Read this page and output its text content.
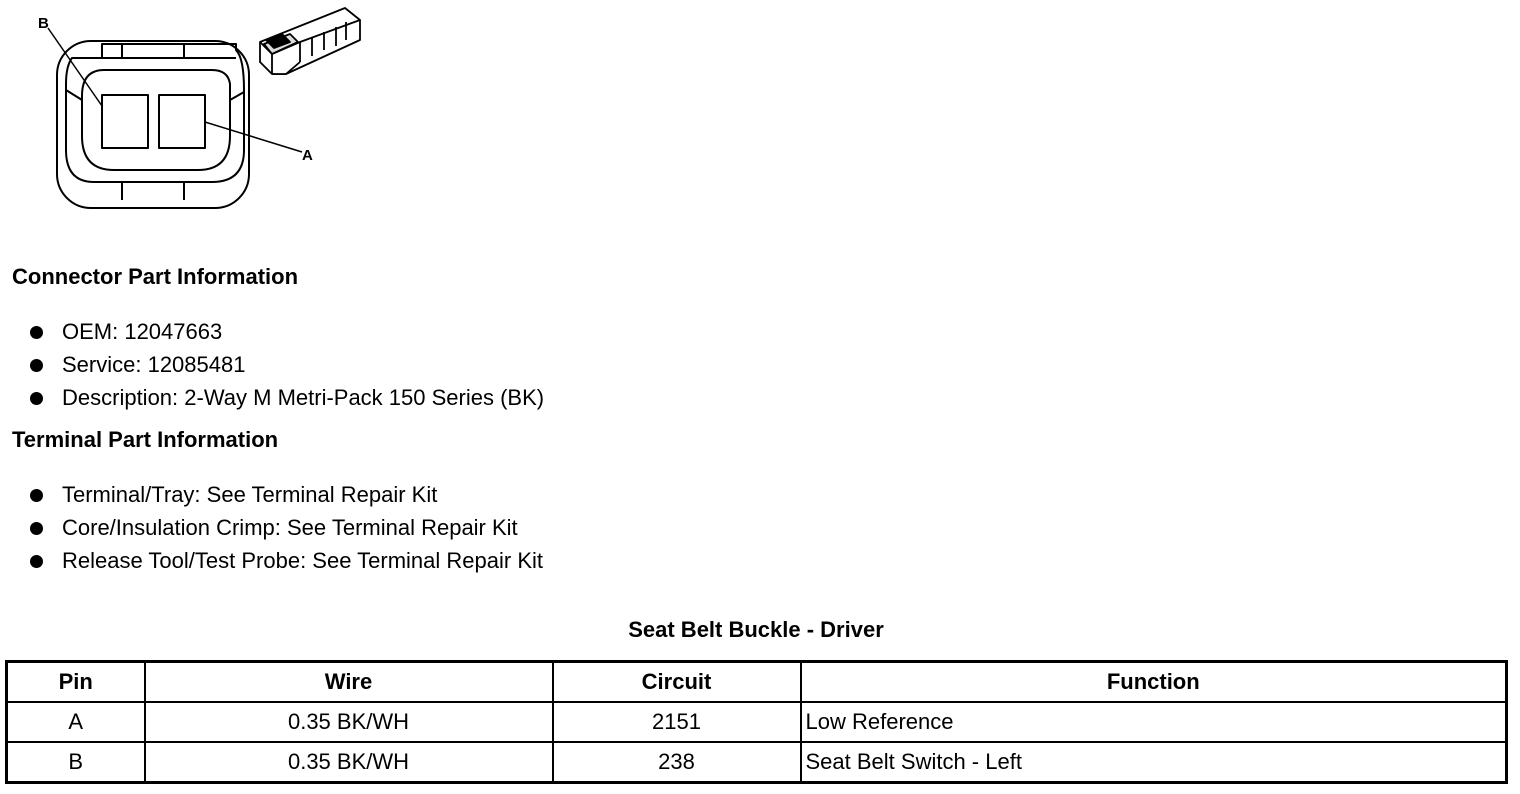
B
A
Connector Part Information
OEM: 12047663
Service: 12085481
Description: 2-Way M Metri-Pack 150 Series (BK)
Terminal Part Information
Terminal/Tray: See Terminal Repair Kit
Core/Insulation Crimp: See Terminal Repair Kit
Release Tool/Test Probe: See Terminal Repair Kit
Seat Belt Buckle - Driver
Pin	Wire	Circuit	Function
A	0.35 BK/WH	2151	Low Reference
B	0.35 BK/WH	238	Seat Belt Switch - Left
